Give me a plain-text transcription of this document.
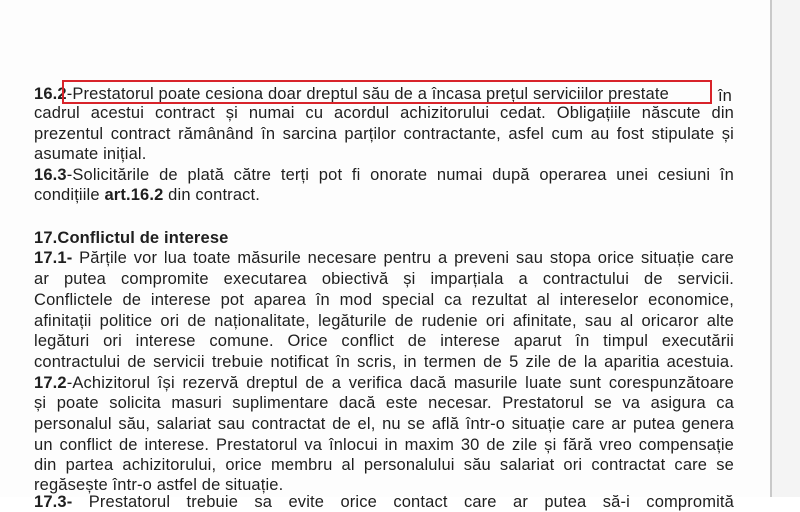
16.2-Prestatorul poate cesiona doar dreptul său de a încasa prețul serviciilor prestate	în
cadrul acestui contract și numai cu acordul achizitorului cedat. Obligațiile născute din
prezentul contract rămânând în sarcina parților contractante, asfel cum au fost stipulate și
asumate inițial.
16.3-Solicitările de plată către terți pot fi onorate numai după operarea unei cesiuni în
condițiile art.16.2 din contract.
17.Conflictul de interese
17.1- Părțile vor lua toate măsurile necesare pentru a preveni sau stopa orice situație care
ar putea compromite executarea obiectivă și imparțiala a contractului de servicii.
Conflictele de interese pot aparea în mod special ca rezultat al intereselor economice,
afinitații politice ori de naționalitate, legăturile de rudenie ori afinitate, sau al oricaror alte
legături ori interese comune. Orice conflict de interese aparut în timpul executării
contractului de servicii trebuie notificat în scris, in termen de 5 zile de la aparitia acestuia.
17.2-Achizitorul își rezervă dreptul de a verifica dacă masurile luate sunt corespunzătoare
și poate solicita masuri suplimentare dacă este necesar. Prestatorul se va asigura ca
personalul său, salariat sau contractat de el, nu se află într-o situație care ar putea genera
un conflict de interese. Prestatorul va înlocui in maxim 30 de zile și fără vreo compensație
din partea achizitorului, orice membru al personalului său salariat ori contractat care se
regăsește într-o astfel de situație.
17.3- Prestatorul trebuie sa evite orice contact care ar putea să-i compromită
